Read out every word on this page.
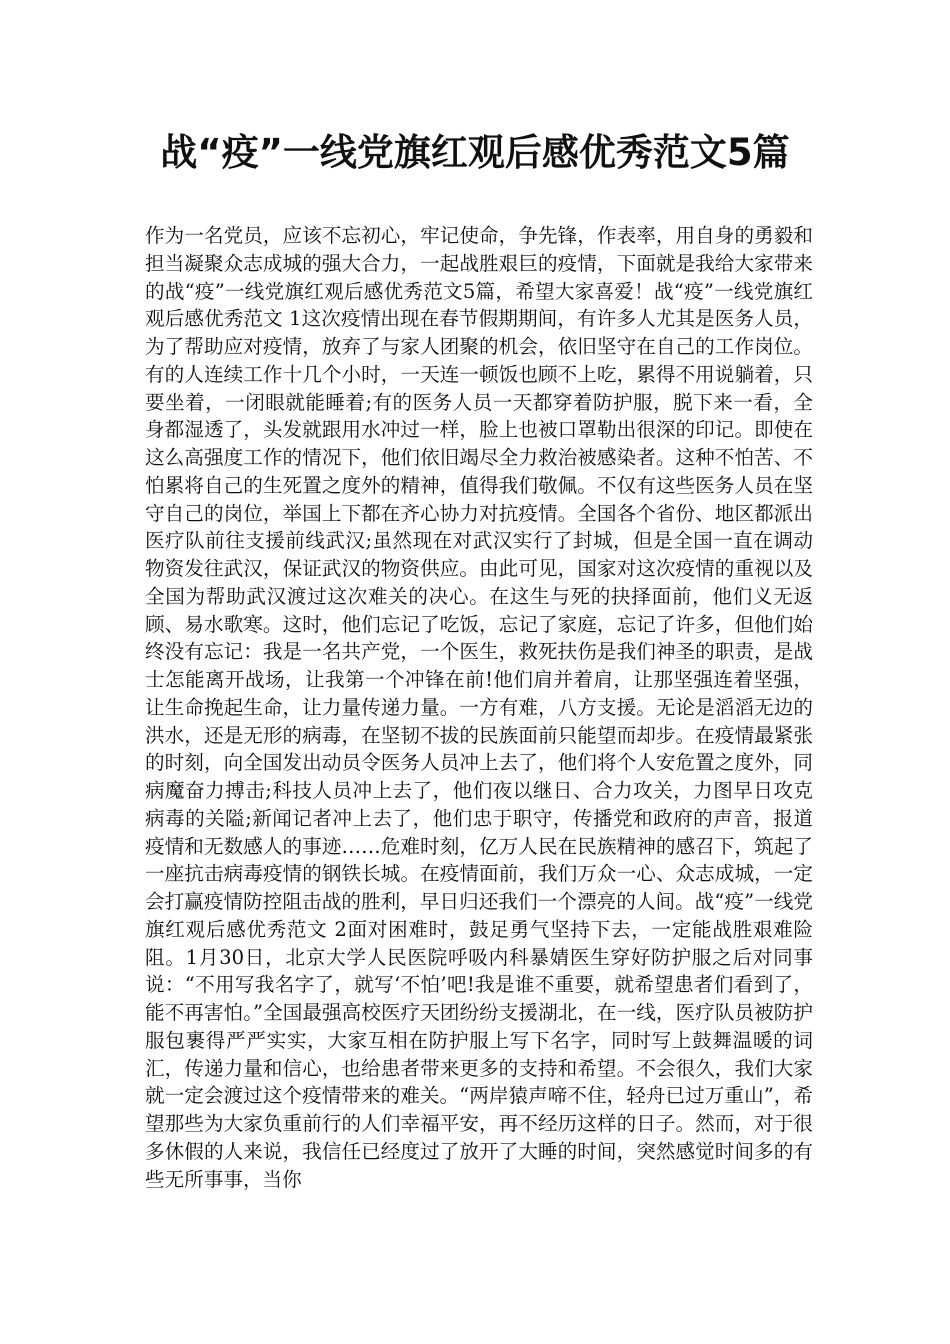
战“疫”一线党旗红观后感优秀范文5篇

作为一名党员，应该不忘初心，牢记使命，争先锋，作表率，用自身的勇毅和担当凝聚众志成城的强大合力，一起战胜艰巨的疫情，下面就是我给大家带来的战“疫”一线党旗红观后感优秀范文5篇，希望大家喜爱！战“疫”一线党旗红观后感优秀范文 1这次疫情出现在春节假期期间，有许多人尤其是医务人员，为了帮助应对疫情，放弃了与家人团聚的机会，依旧坚守在自己的工作岗位。有的人连续工作十几个小时，一天连一顿饭也顾不上吃，累得不用说躺着，只要坐着，一闭眼就能睡着;有的医务人员一天都穿着防护服，脱下来一看，全身都湿透了，头发就跟用水冲过一样，脸上也被口罩勒出很深的印记。即使在这么高强度工作的情况下，他们依旧竭尽全力救治被感染者。这种不怕苦、不怕累将自己的生死置之度外的精神，值得我们敬佩。不仅有这些医务人员在坚守自己的岗位，举国上下都在齐心协力对抗疫情。全国各个省份、地区都派出医疗队前往支援前线武汉;虽然现在对武汉实行了封城，但是全国一直在调动物资发往武汉，保证武汉的物资供应。由此可见，国家对这次疫情的重视以及全国为帮助武汉渡过这次难关的决心。在这生与死的抉择面前，他们义无返顾、易水歌寒。这时，他们忘记了吃饭，忘记了家庭，忘记了许多，但他们始终没有忘记：我是一名共产党，一个医生，救死扶伤是我们神圣的职责，是战士怎能离开战场，让我第一个冲锋在前!他们肩并着肩，让那坚强连着坚强，让生命挽起生命，让力量传递力量。一方有难，八方支援。无论是滔滔无边的洪水，还是无形的病毒，在坚韧不拔的民族面前只能望而却步。在疫情最紧张的时刻，向全国发出动员令医务人员冲上去了，他们将个人安危置之度外，同病魔奋力搏击;科技人员冲上去了，他们夜以继日、合力攻关，力图早日攻克病毒的关隘;新闻记者冲上去了，他们忠于职守，传播党和政府的声音，报道疫情和无数感人的事迹……危难时刻，亿万人民在民族精神的感召下，筑起了一座抗击病毒疫情的钢铁长城。在疫情面前，我们万众一心、众志成城，一定会打赢疫情防控阻击战的胜利，早日归还我们一个漂亮的人间。战“疫”一线党旗红观后感优秀范文 2面对困难时，鼓足勇气坚持下去，一定能战胜艰难险阻。1月30日，北京大学人民医院呼吸内科暴婧医生穿好防护服之后对同事说：“不用写我名字了，就写‘不怕’吧!我是谁不重要，就希望患者们看到了，能不再害怕。”全国最强高校医疗天团纷纷支援湖北，在一线，医疗队员被防护服包裹得严严实实，大家互相在防护服上写下名字，同时写上鼓舞温暖的词汇，传递力量和信心，也给患者带来更多的支持和希望。不会很久，我们大家就一定会渡过这个疫情带来的难关。“两岸猿声啼不住，轻舟已过万重山”，希望那些为大家负重前行的人们幸福平安，再不经历这样的日子。然而，对于很多休假的人来说，我信任已经度过了放开了大睡的时间，突然感觉时间多的有些无所事事，当你
